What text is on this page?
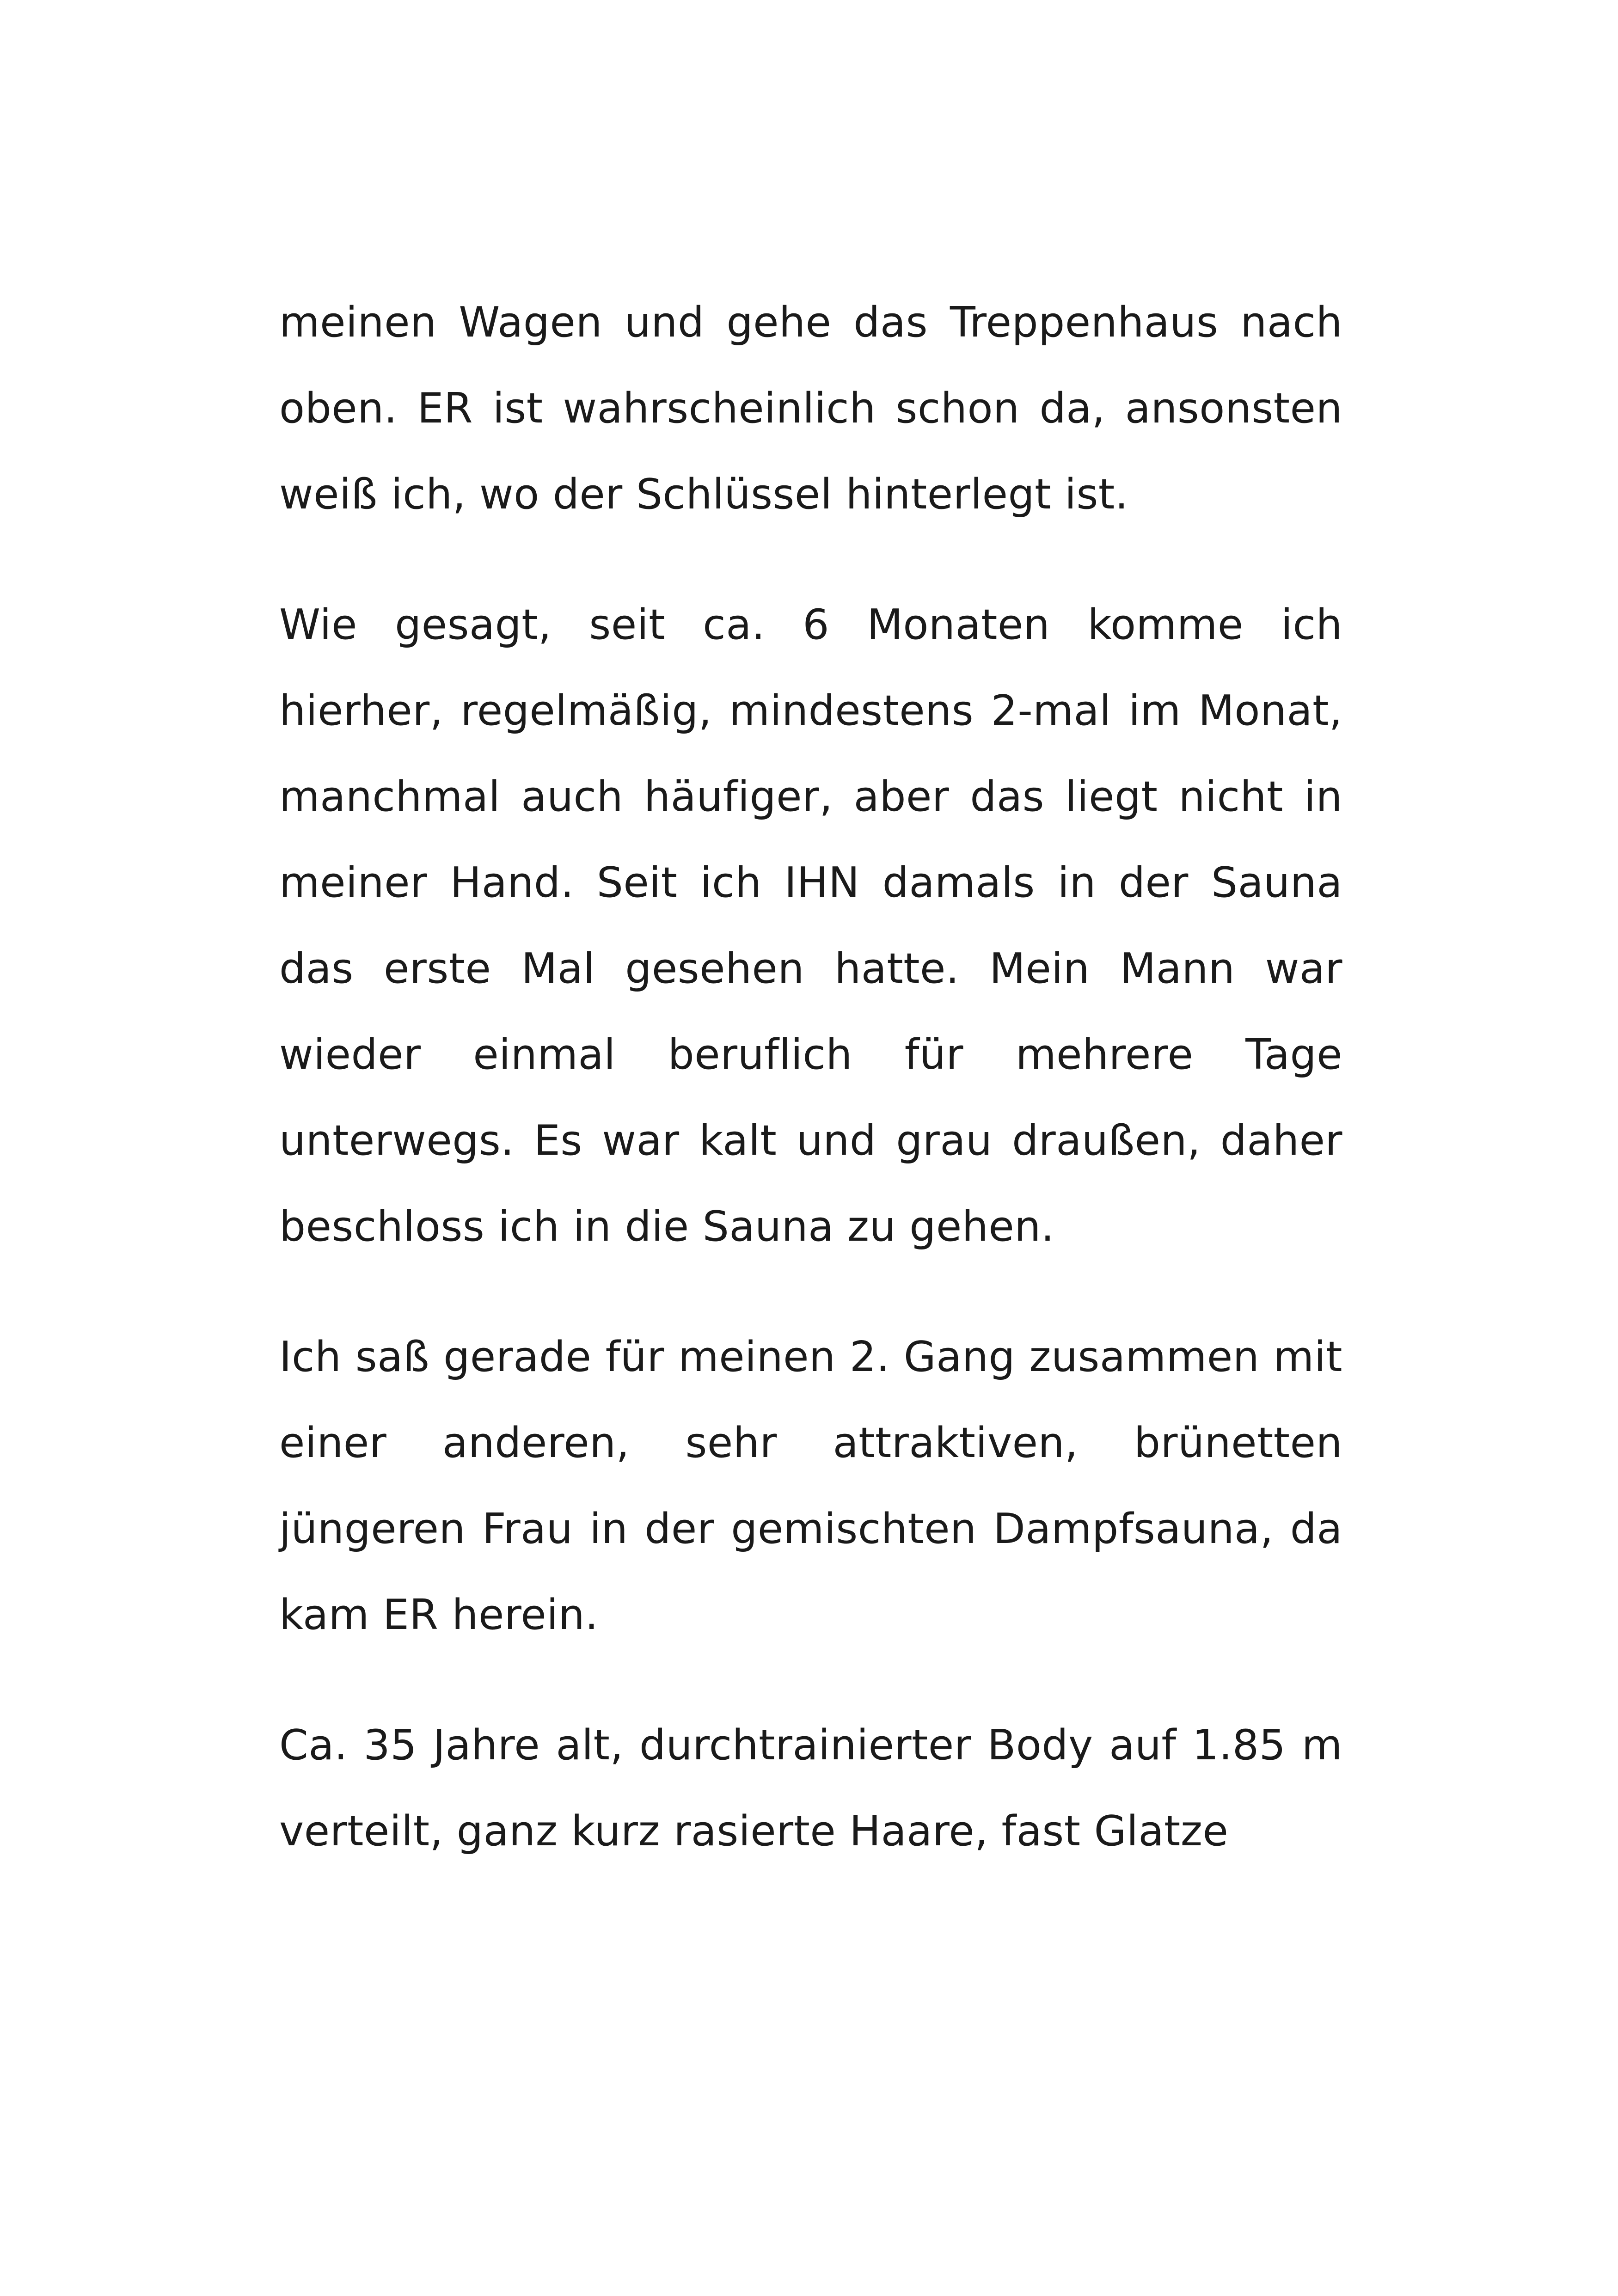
meinen Wagen und gehe das Treppenhaus nach oben. ER ist wahrscheinlich schon da, ansonsten weiß ich, wo der Schlüssel hinterlegt ist.

Wie gesagt, seit ca. 6 Monaten komme ich hierher, regelmäßig, mindestens 2-mal im Monat, manchmal auch häufiger, aber das liegt nicht in meiner Hand. Seit ich IHN damals in der Sauna das erste Mal gesehen hatte. Mein Mann war wieder einmal beruflich für mehrere Tage unterwegs. Es war kalt und grau draußen, daher beschloss ich in die Sauna zu gehen.

Ich saß gerade für meinen 2. Gang zusammen mit einer anderen, sehr attraktiven, brünetten jüngeren Frau in der gemischten Dampfsauna, da kam ER herein.

Ca. 35 Jahre alt, durchtrainierter Body auf 1.85 m verteilt, ganz kurz rasierte Haare, fast Glatze
